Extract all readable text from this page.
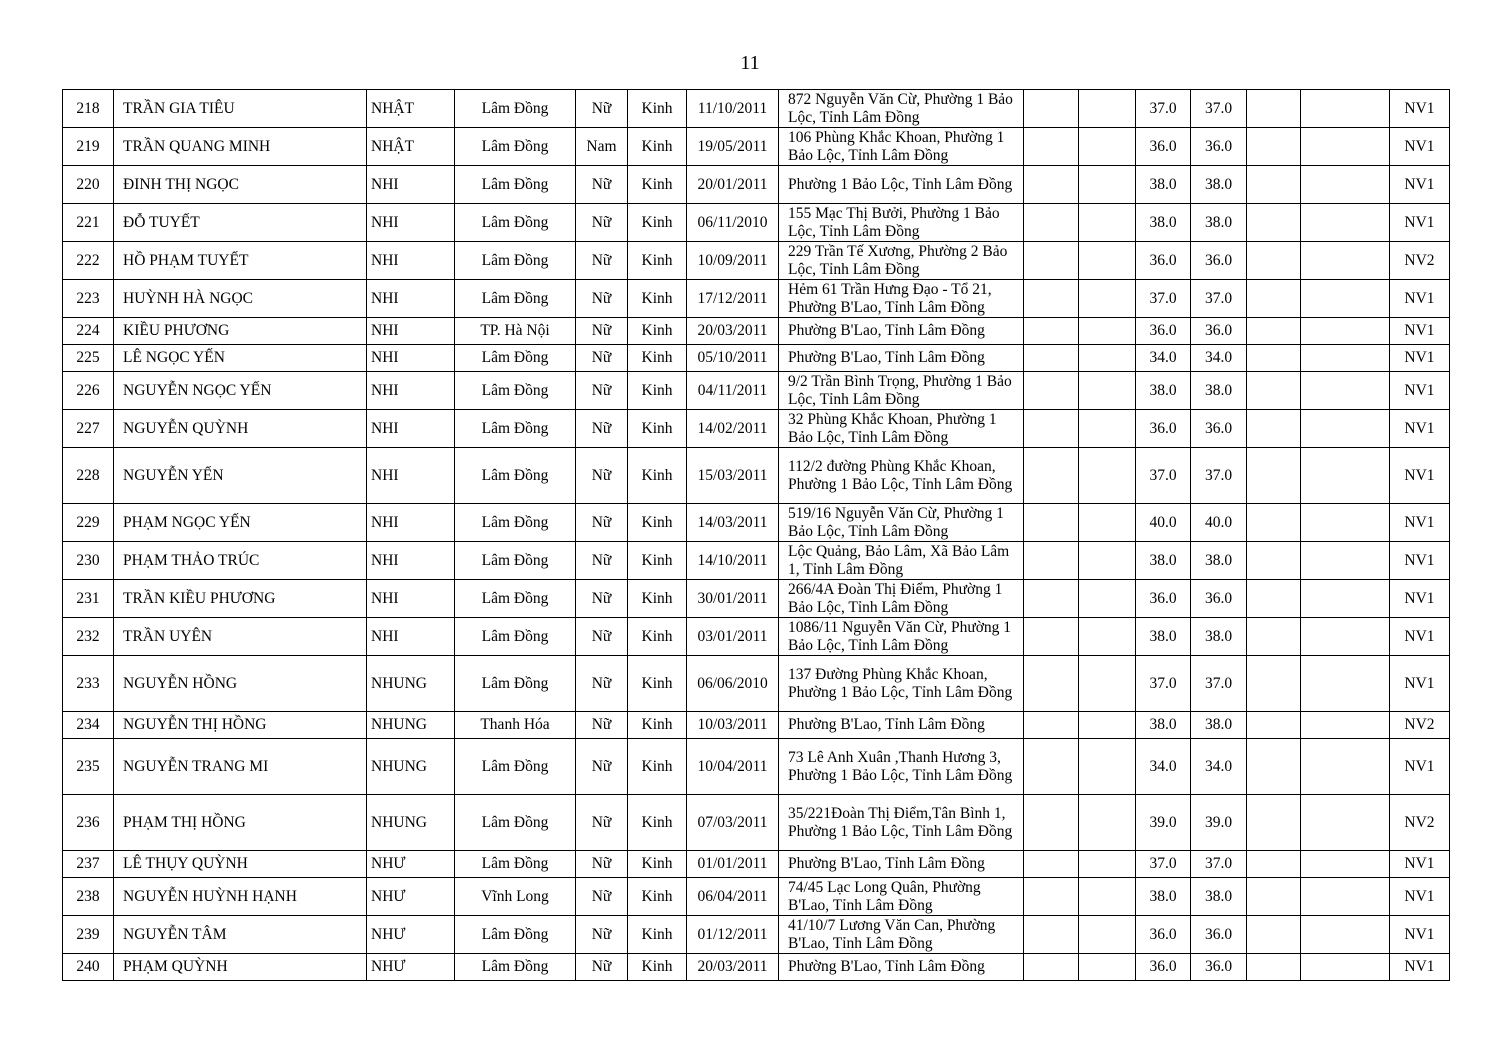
11
218	TRẦN GIA TIÊU	NHẬT	Lâm Đồng	Nữ	Kinh	11/10/2011	872 Nguyễn Văn Cừ, Phường 1 Bảo Lộc, Tỉnh Lâm Đồng			37.0	37.0			NV1
219	TRẦN QUANG MINH	NHẬT	Lâm Đồng	Nam	Kinh	19/05/2011	106 Phùng Khắc Khoan, Phường 1 Bảo Lộc, Tỉnh Lâm Đồng			36.0	36.0			NV1
220	ĐINH THỊ NGỌC	NHI	Lâm Đồng	Nữ	Kinh	20/01/2011	Phường 1 Bảo Lộc, Tỉnh Lâm Đồng			38.0	38.0			NV1
221	ĐỖ TUYẾT	NHI	Lâm Đồng	Nữ	Kinh	06/11/2010	155 Mạc Thị Bưởi, Phường 1 Bảo Lộc, Tỉnh Lâm Đồng			38.0	38.0			NV1
222	HỒ PHẠM TUYẾT	NHI	Lâm Đồng	Nữ	Kinh	10/09/2011	229 Trần Tế Xương, Phường 2 Bảo Lộc, Tỉnh Lâm Đồng			36.0	36.0			NV2
223	HUỲNH HÀ NGỌC	NHI	Lâm Đồng	Nữ	Kinh	17/12/2011	Hẻm 61 Trần Hưng Đạo - Tổ 21, Phường B'Lao, Tỉnh Lâm Đồng			37.0	37.0			NV1
224	KIỀU PHƯƠNG	NHI	TP. Hà Nội	Nữ	Kinh	20/03/2011	Phường B'Lao, Tỉnh Lâm Đồng			36.0	36.0			NV1
225	LÊ NGỌC YẾN	NHI	Lâm Đồng	Nữ	Kinh	05/10/2011	Phường B'Lao, Tỉnh Lâm Đồng			34.0	34.0			NV1
226	NGUYỄN NGỌC YẾN	NHI	Lâm Đồng	Nữ	Kinh	04/11/2011	9/2 Trần Bình Trọng, Phường 1 Bảo Lộc, Tỉnh Lâm Đồng			38.0	38.0			NV1
227	NGUYỄN QUỲNH	NHI	Lâm Đồng	Nữ	Kinh	14/02/2011	32 Phùng Khắc Khoan, Phường 1 Bảo Lộc, Tỉnh Lâm Đồng			36.0	36.0			NV1
228	NGUYỄN YẾN	NHI	Lâm Đồng	Nữ	Kinh	15/03/2011	112/2 đường Phùng Khắc Khoan, Phường 1 Bảo Lộc, Tỉnh Lâm Đồng			37.0	37.0			NV1
229	PHẠM NGỌC YẾN	NHI	Lâm Đồng	Nữ	Kinh	14/03/2011	519/16 Nguyễn Văn Cừ, Phường 1 Bảo Lộc, Tỉnh Lâm Đồng			40.0	40.0			NV1
230	PHẠM THẢO TRÚC	NHI	Lâm Đồng	Nữ	Kinh	14/10/2011	Lộc Quảng, Bảo Lâm, Xã Bảo Lâm 1, Tỉnh Lâm Đồng			38.0	38.0			NV1
231	TRẦN KIỀU PHƯƠNG	NHI	Lâm Đồng	Nữ	Kinh	30/01/2011	266/4A Đoàn Thị Điểm, Phường 1 Bảo Lộc, Tỉnh Lâm Đồng			36.0	36.0			NV1
232	TRẦN UYÊN	NHI	Lâm Đồng	Nữ	Kinh	03/01/2011	1086/11 Nguyễn Văn Cừ, Phường 1 Bảo Lộc, Tỉnh Lâm Đồng			38.0	38.0			NV1
233	NGUYỄN HỒNG	NHUNG	Lâm Đồng	Nữ	Kinh	06/06/2010	137 Đường Phùng Khắc Khoan, Phường 1 Bảo Lộc, Tỉnh Lâm Đồng			37.0	37.0			NV1
234	NGUYỄN THỊ HỒNG	NHUNG	Thanh Hóa	Nữ	Kinh	10/03/2011	Phường B'Lao, Tỉnh Lâm Đồng			38.0	38.0			NV2
235	NGUYỄN TRANG MI	NHUNG	Lâm Đồng	Nữ	Kinh	10/04/2011	73 Lê Anh Xuân ,Thanh Hương 3, Phường 1 Bảo Lộc, Tỉnh Lâm Đồng			34.0	34.0			NV1
236	PHẠM THỊ HỒNG	NHUNG	Lâm Đồng	Nữ	Kinh	07/03/2011	35/221Đoàn Thị Điểm,Tân Bình 1, Phường 1 Bảo Lộc, Tỉnh Lâm Đồng			39.0	39.0			NV2
237	LÊ THỤY QUỲNH	NHƯ	Lâm Đồng	Nữ	Kinh	01/01/2011	Phường B'Lao, Tỉnh Lâm Đồng			37.0	37.0			NV1
238	NGUYỄN HUỲNH HẠNH	NHƯ	Vĩnh Long	Nữ	Kinh	06/04/2011	74/45 Lạc Long Quân, Phường B'Lao, Tỉnh Lâm Đồng			38.0	38.0			NV1
239	NGUYỄN TÂM	NHƯ	Lâm Đồng	Nữ	Kinh	01/12/2011	41/10/7 Lương Văn Can, Phường B'Lao, Tỉnh Lâm Đồng			36.0	36.0			NV1
240	PHẠM QUỲNH	NHƯ	Lâm Đồng	Nữ	Kinh	20/03/2011	Phường B'Lao, Tỉnh Lâm Đồng			36.0	36.0			NV1
